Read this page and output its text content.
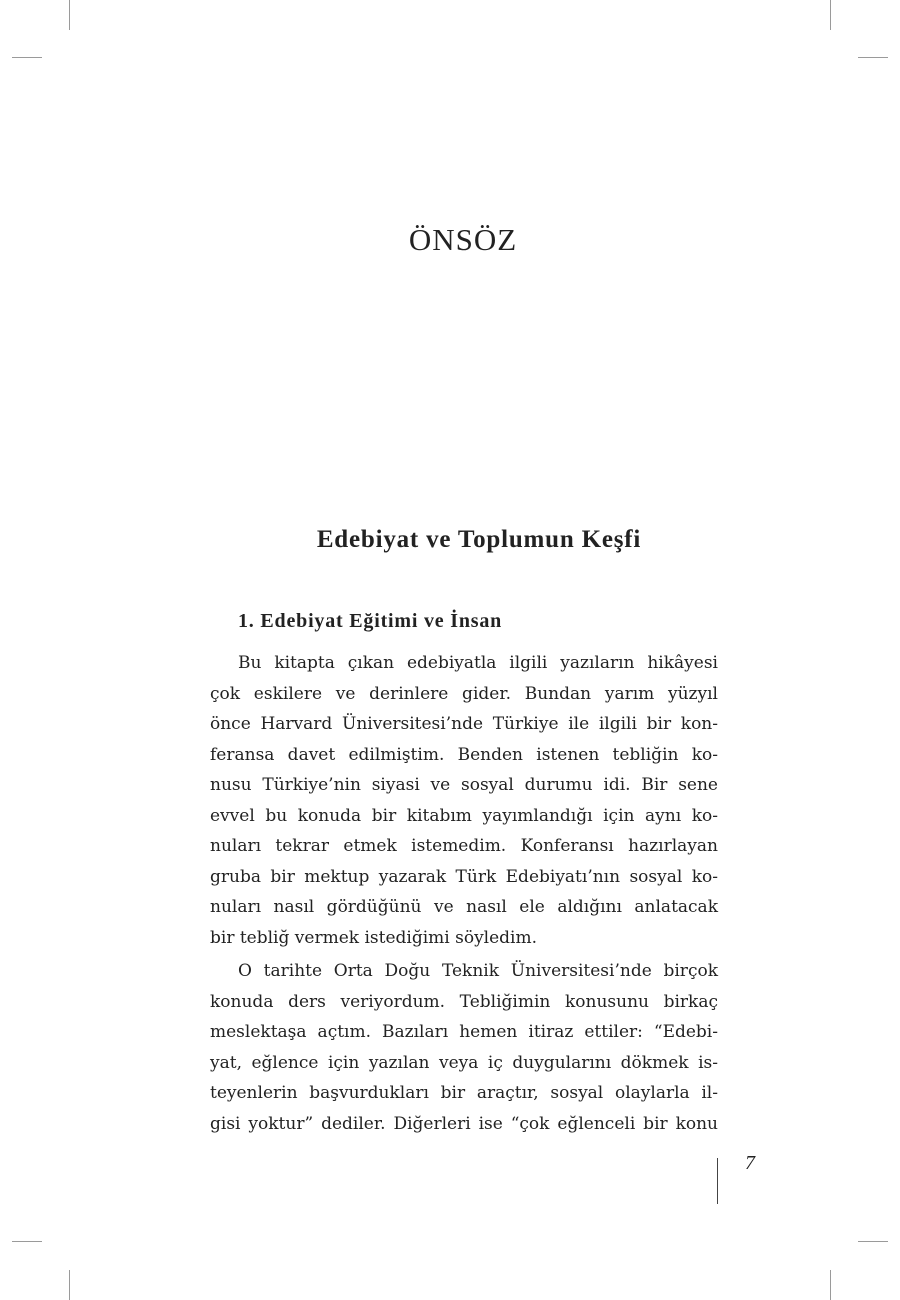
ÖNSÖZ
Edebiyat ve Toplumun Keşfi
1. Edebiyat Eğitimi ve İnsan
Bu kitapta çıkan edebiyatla ilgili yazıların hikâyesi
çok eskilere ve derinlere gider. Bundan yarım yüzyıl
önce Harvard Üniversitesi’nde Türkiye ile ilgili bir kon-
feransa davet edilmiştim. Benden istenen tebliğin ko-
nusu Türkiye’nin siyasi ve sosyal durumu idi. Bir sene
evvel bu konuda bir kitabım yayımlandığı için aynı ko-
nuları tekrar etmek istemedim. Konferansı hazırlayan
gruba bir mektup yazarak Türk Edebiyatı’nın sosyal ko-
nuları nasıl gördüğünü ve nasıl ele aldığını anlatacak
bir tebliğ vermek istediğimi söyledim.
O tarihte Orta Doğu Teknik Üniversitesi’nde birçok
konuda ders veriyordum. Tebliğimin konusunu birkaç
meslektaşa açtım. Bazıları hemen itiraz ettiler: “Edebi-
yat, eğlence için yazılan veya iç duygularını dökmek is-
teyenlerin başvurdukları bir araçtır, sosyal olaylarla il-
gisi yoktur” dediler. Diğerleri ise “çok eğlenceli bir konu
7
